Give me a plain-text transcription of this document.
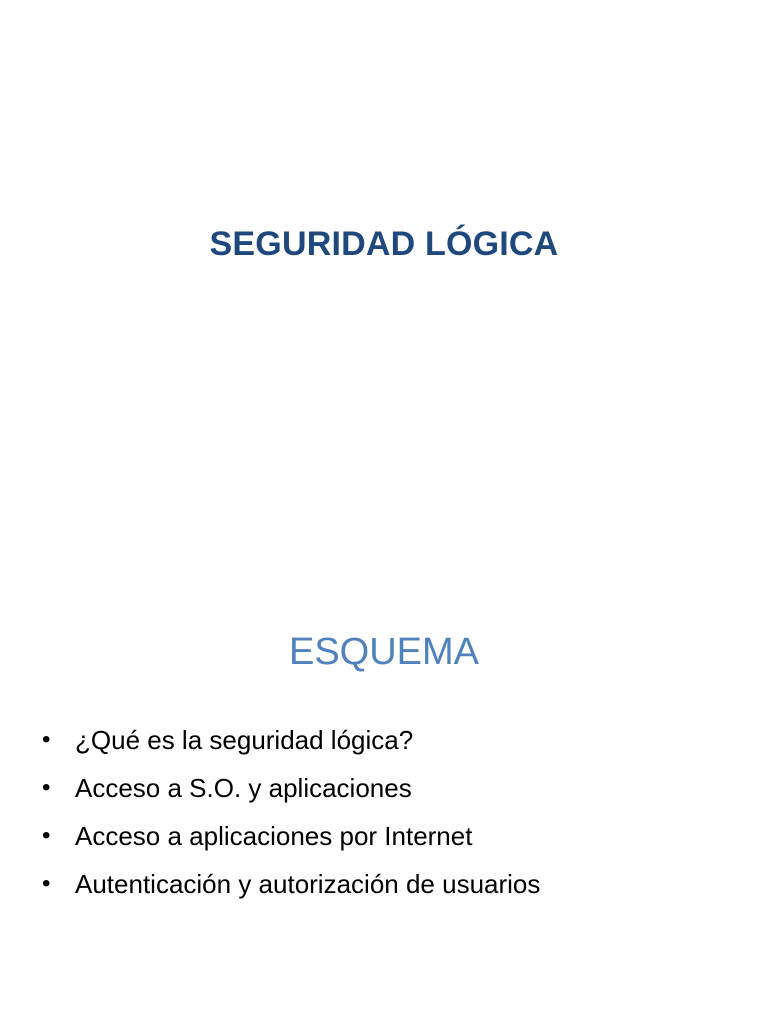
SEGURIDAD LÓGICA
ESQUEMA
• ¿Qué es la seguridad lógica?
• Acceso a S.O. y aplicaciones
• Acceso a aplicaciones por Internet
• Autenticación y autorización de usuarios
